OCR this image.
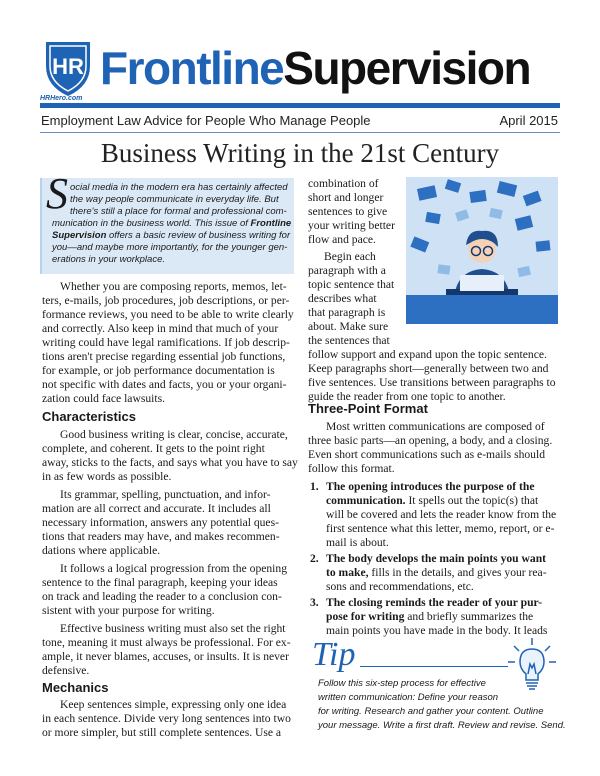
HR
HRHero.com
FrontlineSupervision
Employment Law Advice for People Who Manage People	April 2015
Business Writing in the 21st Century
S ocial media in the modern era has certainly affected
the way people communicate in everyday life. But
there's still a place for formal and professional com-
munication in the business world. This issue of Frontline
Supervision offers a basic review of business writing for
you—and maybe more importantly, for the younger gen-
erations in your workplace.
Whether you are composing reports, memos, let-
ters, e-mails, job procedures, job descriptions, or per-
formance reviews, you need to be able to write clearly
and correctly. Also keep in mind that much of your
writing could have legal ramifications. If job descrip-
tions aren't precise regarding essential job functions,
for example, or job performance documentation is
not specific with dates and facts, you or your organi-
zation could face lawsuits.
Characteristics
Good business writing is clear, concise, accurate,
complete, and coherent. It gets to the point right
away, sticks to the facts, and says what you have to say
in as few words as possible.
Its grammar, spelling, punctuation, and infor-
mation are all correct and accurate. It includes all
necessary information, answers any potential ques-
tions that readers may have, and makes recommen-
dations where applicable.
It follows a logical progression from the opening
sentence to the final paragraph, keeping your ideas
on track and leading the reader to a conclusion con-
sistent with your purpose for writing.
Effective business writing must also set the right
tone, meaning it must always be professional. For ex-
ample, it never blames, accuses, or insults. It is never
defensive.
Mechanics
Keep sentences simple, expressing only one idea
in each sentence. Divide very long sentences into two
or more simpler, but still complete sentences. Use a
combination of
short and longer
sentences to give
your writing better
flow and pace.
Begin each
paragraph with a
topic sentence that
describes what
that paragraph is
about. Make sure
the sentences that
follow support and expand upon the topic sentence.
Keep paragraphs short—generally between two and
five sentences. Use transitions between paragraphs to
guide the reader from one topic to another.
Three-Point Format
Most written communications are composed of
three basic parts—an opening, a body, and a closing.
Even short communications such as e-mails should
follow this format.
1. The opening introduces the purpose of the
communication. It spells out the topic(s) that
will be covered and lets the reader know from the
first sentence what this letter, memo, report, or e-
mail is about.
2. The body develops the main points you want
to make, fills in the details, and gives your rea-
sons and recommendations, etc.
3. The closing reminds the reader of your pur-
pose for writing and briefly summarizes the
main points you have made in the body. It leads
Tip
Follow this six-step process for effective
written communication: Define your reason
for writing. Research and gather your content. Outline
your message. Write a first draft. Review and revise. Send.
